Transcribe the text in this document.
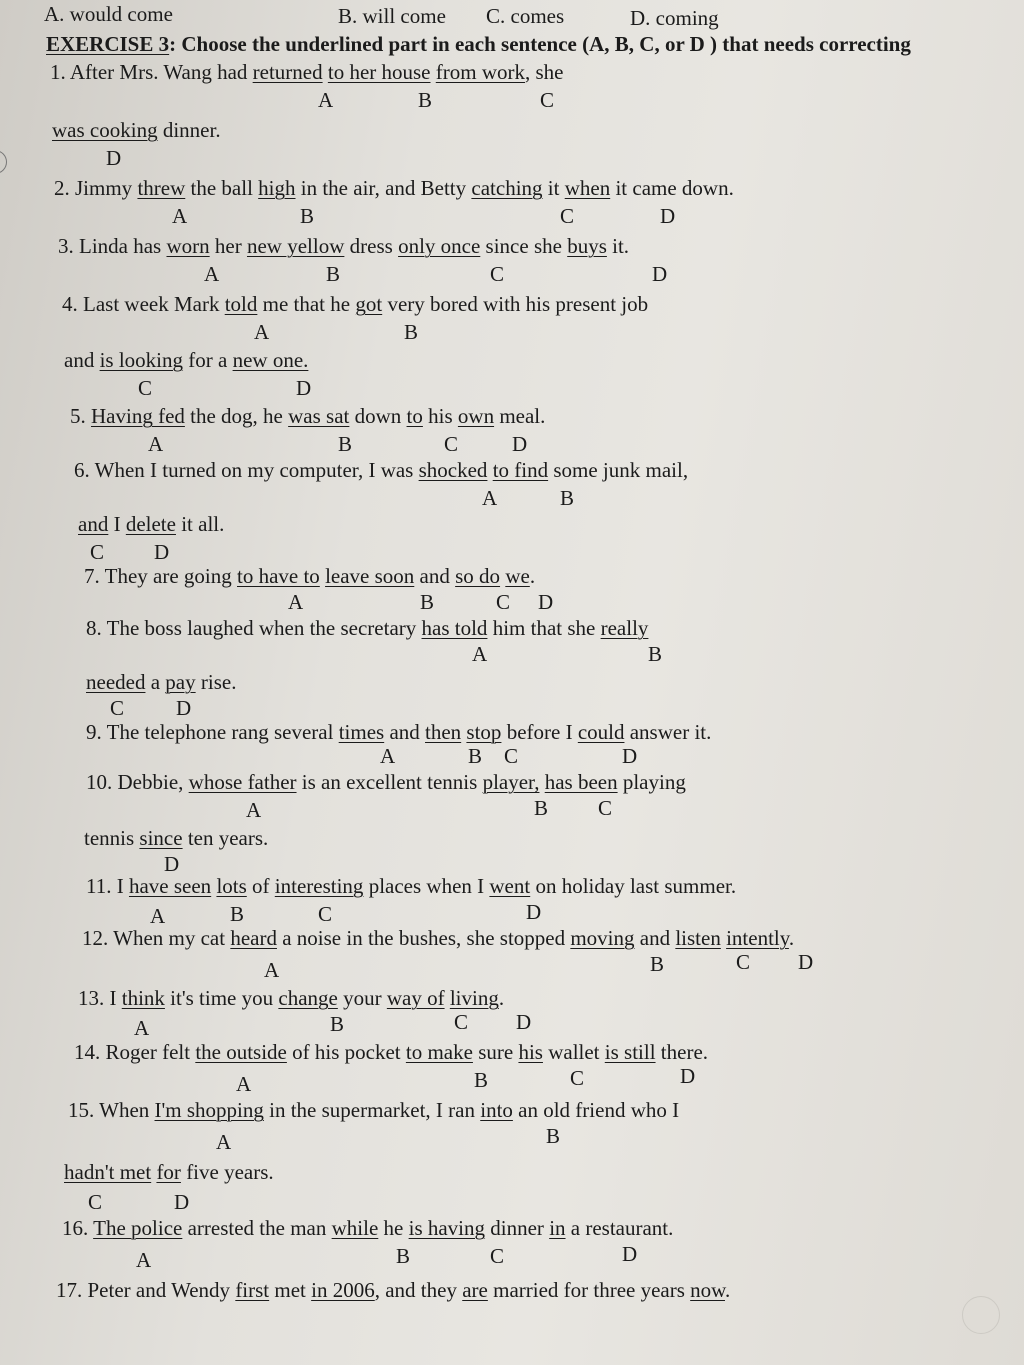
A. would come	B. will come C. comes	D. coming
EXERCISE 3: Choose the underlined part in each sentence (A, B, C, or D ) that needs correcting
1. After Mrs. Wang had returned to her house from work, she
A	B	C
was cooking dinner.
D
2. Jimmy threw the ball high in the air, and Betty catching it when it came down.
A	B	C	D
3. Linda has worn her new yellow dress only once since she buys it.
A	B	C	D
4. Last week Mark told me that he got very bored with his present job
A	B
and is looking for a new one.
C	D
5. Having fed the dog, he was sat down to his own meal.
A	B	C	D
6. When I turned on my computer, I was shocked to find some junk mail,
A	B
and I delete it all.
C D
7. They are going to have to leave soon and so do we.
A	B	C D
8. The boss laughed when the secretary has told him that she really
A	B
needed a pay rise.
C D
9. The telephone rang several times and then stop before I could answer it.
A	B C	D
10. Debbie, whose father is an excellent tennis player, has been playing
A	B C
tennis since ten years.
D
11. I have seen lots of interesting places when I went on holiday last summer.
A	B	C	D
12. When my cat heard a noise in the bushes, she stopped moving and listen intently.
A	B	C D
13. I think it's time you change your way of living.
A	B	C D
14. Roger felt the outside of his pocket to make sure his wallet is still there.
A	B	C	D
15. When I'm shopping in the supermarket, I ran into an old friend who I
A	B
hadn't met for five years.
C	D
16. The police arrested the man while he is having dinner in a restaurant.
A	B	C	D
17. Peter and Wendy first met in 2006, and they are married for three years now.
